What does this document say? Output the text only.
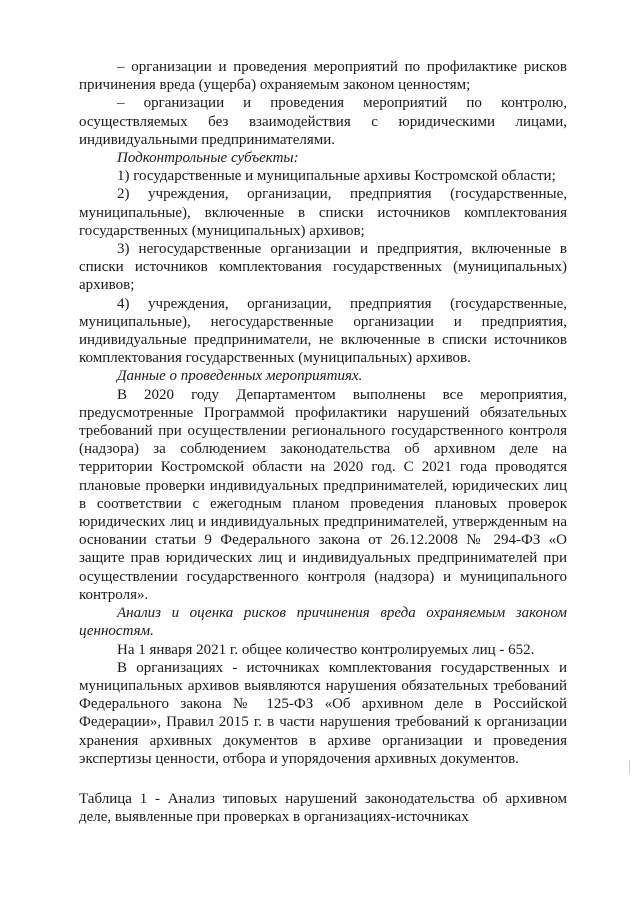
– организации и проведения мероприятий по профилактике рисков причинения вреда (ущерба) охраняемым законом ценностям;

– организации и проведения мероприятий по контролю, осуществляемых без взаимодействия с юридическими лицами, индивидуальными предпринимателями.

Подконтрольные субъекты:

1) государственные и муниципальные архивы Костромской области;

2) учреждения, организации, предприятия (государственные, муниципальные), включенные в списки источников комплектования государственных (муниципальных) архивов;

3) негосударственные организации и предприятия, включенные в списки источников комплектования государственных (муниципальных) архивов;

4) учреждения, организации, предприятия (государственные, муниципальные), негосударственные организации и предприятия, индивидуальные предприниматели, не включенные в списки источников комплектования государственных (муниципальных) архивов.

Данные о проведенных мероприятиях.

В 2020 году Департаментом выполнены все мероприятия, предусмотренные Программой профилактики нарушений обязательных требований при осуществлении регионального государственного контроля (надзора) за соблюдением законодательства об архивном деле на территории Костромской области на 2020 год. С 2021 года проводятся плановые проверки индивидуальных предпринимателей, юридических лиц в соответствии с ежегодным планом проведения плановых проверок юридических лиц и индивидуальных предпринимателей, утвержденным на основании статьи 9 Федерального закона от 26.12.2008 № 294-ФЗ «О защите прав юридических лиц и индивидуальных предпринимателей при осуществлении государственного контроля (надзора) и муниципального контроля».

Анализ и оценка рисков причинения вреда охраняемым законом ценностям.

На 1 января 2021 г. общее количество контролируемых лиц - 652.

В организациях - источниках комплектования государственных и муниципальных архивов выявляются нарушения обязательных требований Федерального закона № 125-ФЗ «Об архивном деле в Российской Федерации», Правил 2015 г. в части нарушения требований к организации хранения архивных документов в архиве организации и проведения экспертизы ценности, отбора и упорядочения архивных документов.

Таблица 1 - Анализ типовых нарушений законодательства об архивном деле, выявленные при проверках в организациях-источниках
